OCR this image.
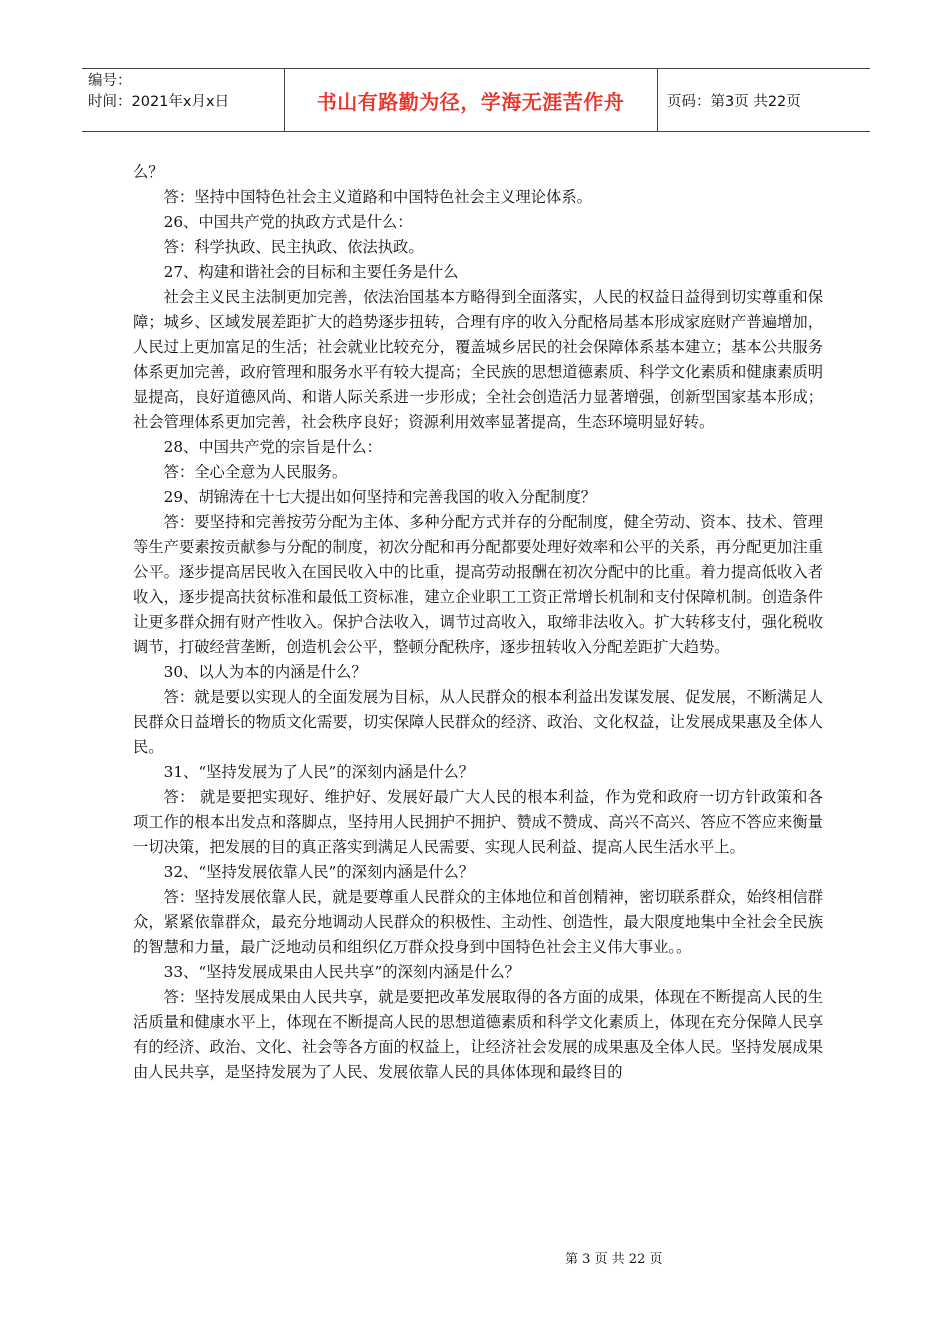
编号：
时间：2021年x月x日	书山有路勤为径，学海无涯苦作舟	页码：第3页 共22页

么？

答：坚持中国特色社会主义道路和中国特色社会主义理论体系。

26、中国共产党的执政方式是什么：

答：科学执政、民主执政、依法执政。

27、构建和谐社会的目标和主要任务是什么

社会主义民主法制更加完善，依法治国基本方略得到全面落实，人民的权益日益得到切实尊重和保障；城乡、区域发展差距扩大的趋势逐步扭转，合理有序的收入分配格局基本形成家庭财产普遍增加，人民过上更加富足的生活；社会就业比较充分，覆盖城乡居民的社会保障体系基本建立；基本公共服务体系更加完善，政府管理和服务水平有较大提高；全民族的思想道德素质、科学文化素质和健康素质明显提高，良好道德风尚、和谐人际关系进一步形成；全社会创造活力显著增强，创新型国家基本形成；社会管理体系更加完善，社会秩序良好；资源利用效率显著提高，生态环境明显好转。

28、中国共产党的宗旨是什么：

答：全心全意为人民服务。

29、胡锦涛在十七大提出如何坚持和完善我国的收入分配制度？

答：要坚持和完善按劳分配为主体、多种分配方式并存的分配制度，健全劳动、资本、技术、管理等生产要素按贡献参与分配的制度，初次分配和再分配都要处理好效率和公平的关系，再分配更加注重公平。逐步提高居民收入在国民收入中的比重，提高劳动报酬在初次分配中的比重。着力提高低收入者收入，逐步提高扶贫标准和最低工资标准，建立企业职工工资正常增长机制和支付保障机制。创造条件让更多群众拥有财产性收入。保护合法收入，调节过高收入，取缔非法收入。扩大转移支付，强化税收调节，打破经营垄断，创造机会公平，整顿分配秩序，逐步扭转收入分配差距扩大趋势。

30、以人为本的内涵是什么？

答：就是要以实现人的全面发展为目标，从人民群众的根本利益出发谋发展、促发展，不断满足人民群众日益增长的物质文化需要，切实保障人民群众的经济、政治、文化权益，让发展成果惠及全体人民。

31、“坚持发展为了人民”的深刻内涵是什么？

答： 就是要把实现好、维护好、发展好最广大人民的根本利益，作为党和政府一切方针政策和各项工作的根本出发点和落脚点，坚持用人民拥护不拥护、赞成不赞成、高兴不高兴、答应不答应来衡量一切决策，把发展的目的真正落实到满足人民需要、实现人民利益、提高人民生活水平上。

32、“坚持发展依靠人民”的深刻内涵是什么？

答：坚持发展依靠人民，就是要尊重人民群众的主体地位和首创精神，密切联系群众，始终相信群众，紧紧依靠群众，最充分地调动人民群众的积极性、主动性、创造性，最大限度地集中全社会全民族的智慧和力量，最广泛地动员和组织亿万群众投身到中国特色社会主义伟大事业。。

33、“坚持发展成果由人民共享”的深刻内涵是什么？

答：坚持发展成果由人民共享，就是要把改革发展取得的各方面的成果，体现在不断提高人民的生活质量和健康水平上，体现在不断提高人民的思想道德素质和科学文化素质上，体现在充分保障人民享有的经济、政治、文化、社会等各方面的权益上，让经济社会发展的成果惠及全体人民。坚持发展成果由人民共享，是坚持发展为了人民、发展依靠人民的具体体现和最终目的

第 3 页 共 22 页
